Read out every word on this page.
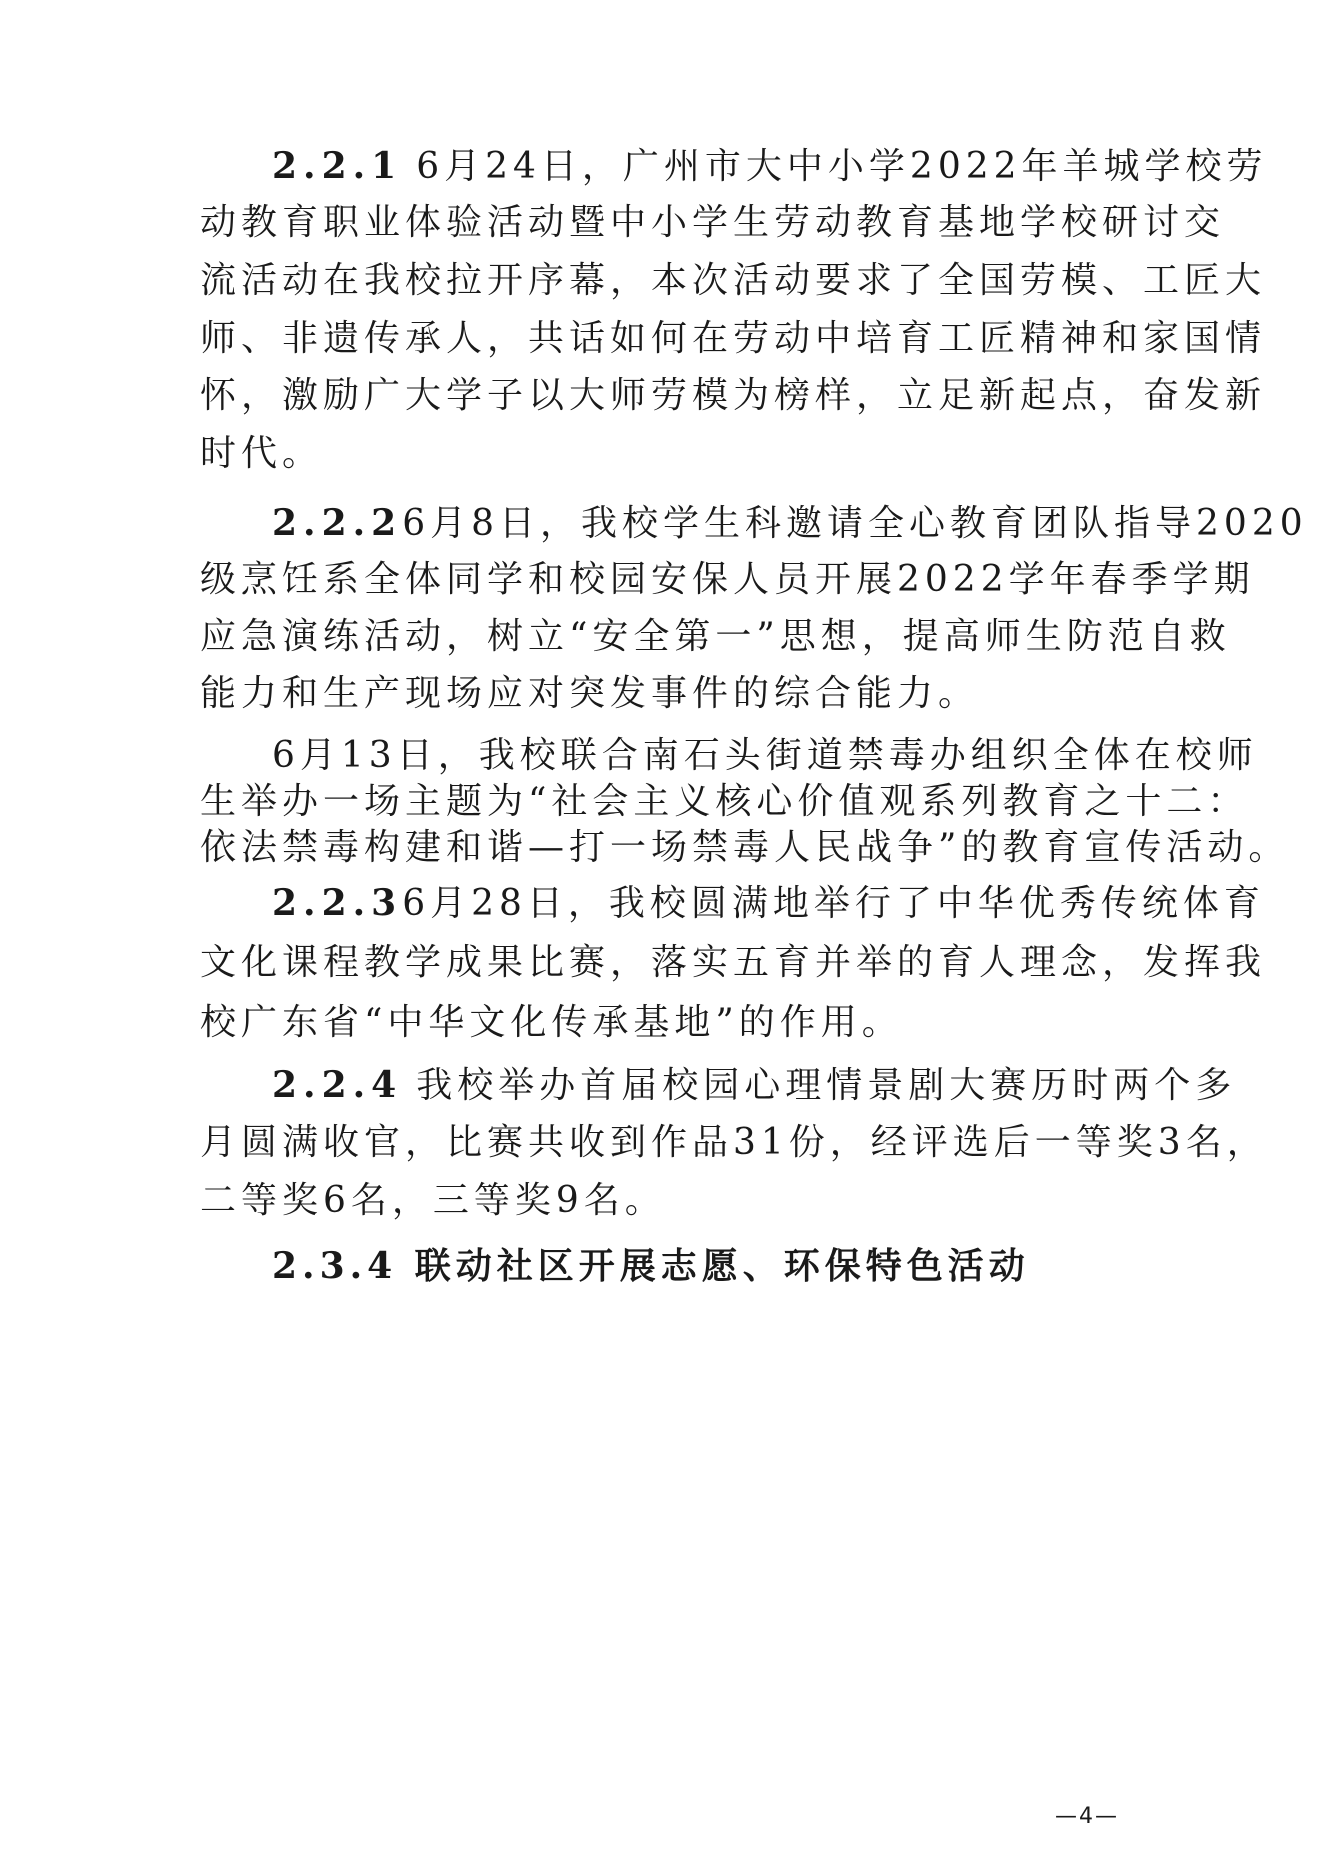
2.2.1 6月24日，广州市大中小学2022年羊城学校劳
动教育职业体验活动暨中小学生劳动教育基地学校研讨交
流活动在我校拉开序幕，本次活动要求了全国劳模、工匠大
师、非遗传承人，共话如何在劳动中培育工匠精神和家国情
怀，激励广大学子以大师劳模为榜样，立足新起点，奋发新
时代。
2.2.26月8日，我校学生科邀请全心教育团队指导2020
级烹饪系全体同学和校园安保人员开展2022学年春季学期
应急演练活动，树立“安全第一”思想，提高师生防范自救
能力和生产现场应对突发事件的综合能力。
6月13日，我校联合南石头街道禁毒办组织全体在校师
生举办一场主题为“社会主义核心价值观系列教育之十二：
依法禁毒构建和谐—打一场禁毒人民战争”的教育宣传活动。
2.2.36月28日，我校圆满地举行了中华优秀传统体育
文化课程教学成果比赛，落实五育并举的育人理念，发挥我
校广东省“中华文化传承基地”的作用。
2.2.4 我校举办首届校园心理情景剧大赛历时两个多
月圆满收官，比赛共收到作品31份，经评选后一等奖3名，
二等奖6名，三等奖9名。
2.3.4 联动社区开展志愿、环保特色活动
—4—
